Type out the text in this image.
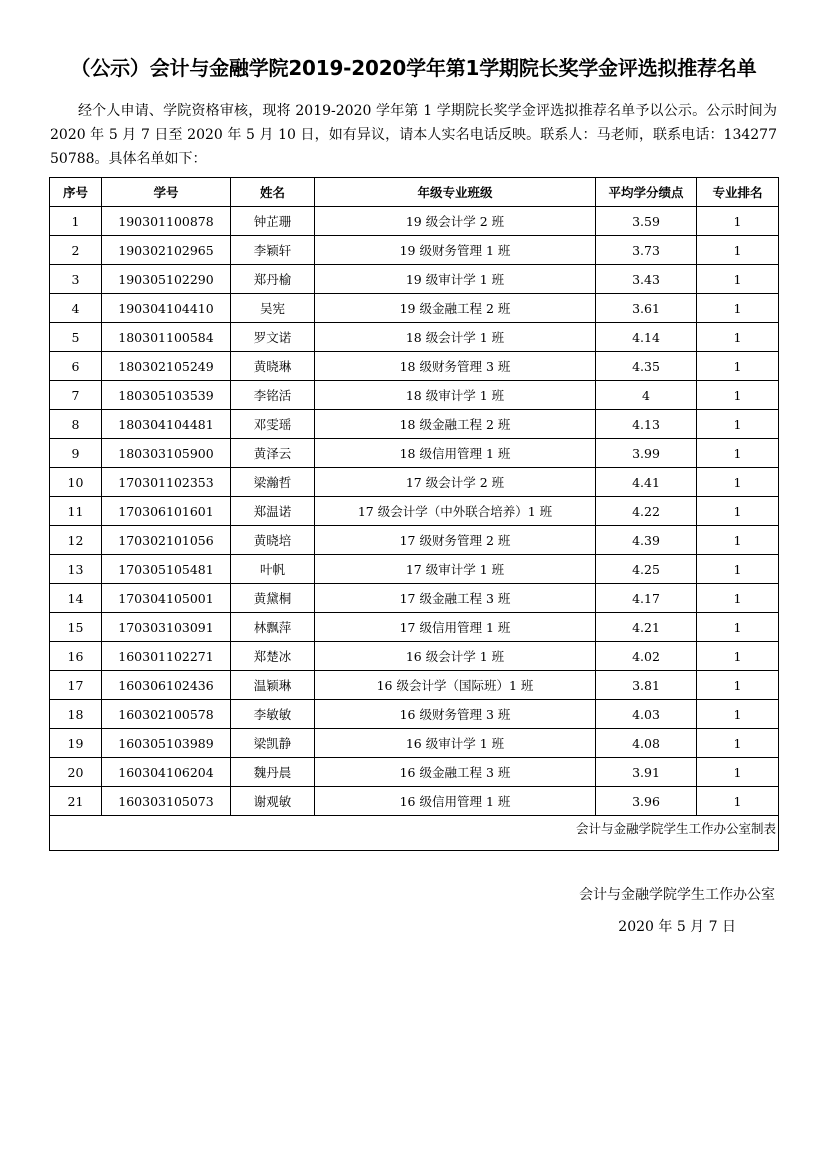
（公示）会计与金融学院2019-2020学年第1学期院长奖学金评选拟推荐名单
经个人申请、学院资格审核，现将 2019-2020 学年第 1 学期院长奖学金评选拟推荐名单予以公示。公示时间为 2020 年 5 月 7 日至 2020 年 5 月 10 日，如有异议，请本人实名电话反映。联系人：马老师，联系电话：13427750788。具体名单如下：
序号	学号	姓名	年级专业班级	平均学分绩点	专业排名
1	190301100878	钟芷珊	19 级会计学 2 班	3.59	1
2	190302102965	李颖轩	19 级财务管理 1 班	3.73	1
3	190305102290	郑丹榆	19 级审计学 1 班	3.43	1
4	190304104410	吴宪	19 级金融工程 2 班	3.61	1
5	180301100584	罗文诺	18 级会计学 1 班	4.14	1
6	180302105249	黄晓琳	18 级财务管理 3 班	4.35	1
7	180305103539	李铭活	18 级审计学 1 班	4	1
8	180304104481	邓雯瑶	18 级金融工程 2 班	4.13	1
9	180303105900	黄泽云	18 级信用管理 1 班	3.99	1
10	170301102353	梁瀚哲	17 级会计学 2 班	4.41	1
11	170306101601	郑温诺	17 级会计学（中外联合培养）1 班	4.22	1
12	170302101056	黄晓培	17 级财务管理 2 班	4.39	1
13	170305105481	叶帆	17 级审计学 1 班	4.25	1
14	170304105001	黄黛桐	17 级金融工程 3 班	4.17	1
15	170303103091	林飘萍	17 级信用管理 1 班	4.21	1
16	160301102271	郑楚冰	16 级会计学 1 班	4.02	1
17	160306102436	温颖琳	16 级会计学（国际班）1 班	3.81	1
18	160302100578	李敏敏	16 级财务管理 3 班	4.03	1
19	160305103989	梁凯静	16 级审计学 1 班	4.08	1
20	160304106204	魏丹晨	16 级金融工程 3 班	3.91	1
21	160303105073	谢观敏	16 级信用管理 1 班	3.96	1
会计与金融学院学生工作办公室制表					
会计与金融学院学生工作办公室
2020 年 5 月 7 日
